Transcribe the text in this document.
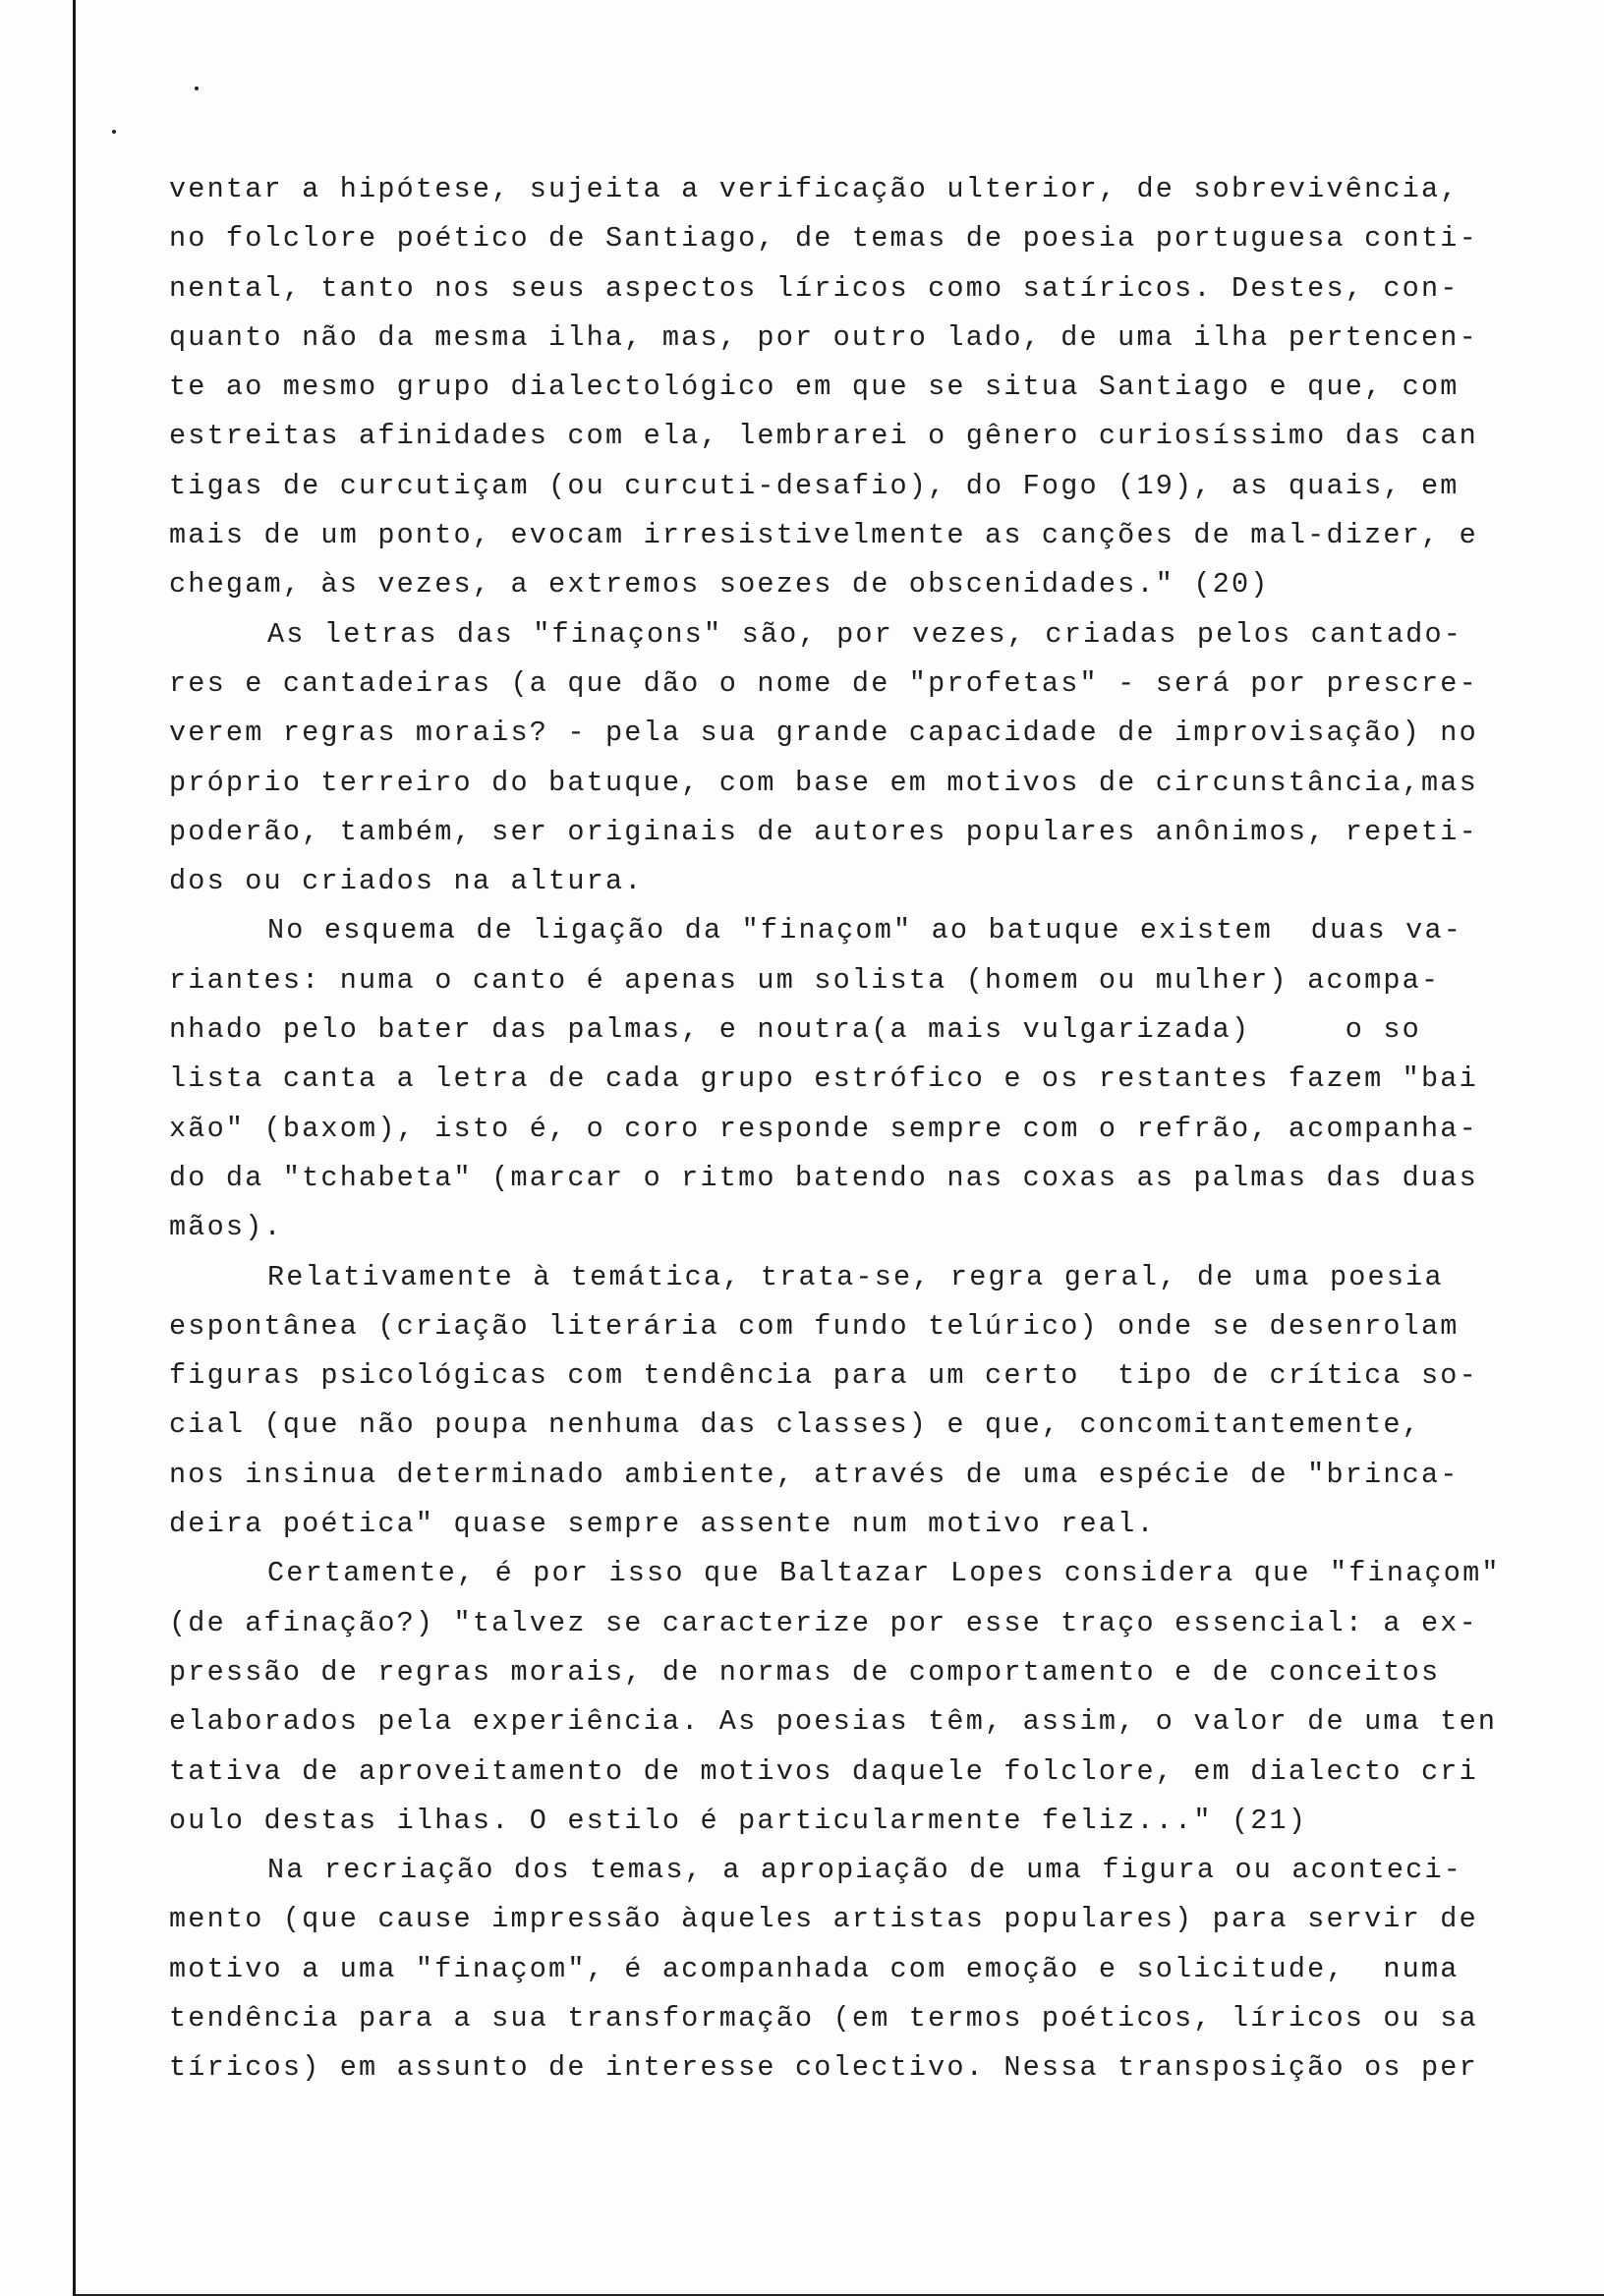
ventar a hipótese, sujeita a verificação ulterior, de sobrevivência,
no folclore poético de Santiago, de temas de poesia portuguesa conti-
nental, tanto nos seus aspectos líricos como satíricos. Destes, con-
quanto não da mesma ilha, mas, por outro lado, de uma ilha pertencen-
te ao mesmo grupo dialectológico em que se situa Santiago e que, com
estreitas afinidades com ela, lembrarei o gênero curiosíssimo das can
tigas de curcutiçam (ou curcuti-desafio), do Fogo (19), as quais, em
mais de um ponto, evocam irresistivelmente as canções de mal-dizer, e
chegam, às vezes, a extremos soezes de obscenidades." (20)
As letras das "finaçons" são, por vezes, criadas pelos cantado-
res e cantadeiras (a que dão o nome de "profetas" - será por prescre-
verem regras morais? - pela sua grande capacidade de improvisação) no
próprio terreiro do batuque, com base em motivos de circunstância,mas
poderão, também, ser originais de autores populares anônimos, repeti-
dos ou criados na altura.
No esquema de ligação da "finaçom" ao batuque existem  duas va-
riantes: numa o canto é apenas um solista (homem ou mulher) acompa-
nhado pelo bater das palmas, e noutra(a mais vulgarizada)     o so
lista canta a letra de cada grupo estrófico e os restantes fazem "bai
xão" (baxom), isto é, o coro responde sempre com o refrão, acompanha-
do da "tchabeta" (marcar o ritmo batendo nas coxas as palmas das duas
mãos).
Relativamente à temática, trata-se, regra geral, de uma poesia
espontânea (criação literária com fundo telúrico) onde se desenrolam
figuras psicológicas com tendência para um certo  tipo de crítica so-
cial (que não poupa nenhuma das classes) e que, concomitantemente,
nos insinua determinado ambiente, através de uma espécie de "brinca-
deira poética" quase sempre assente num motivo real.
Certamente, é por isso que Baltazar Lopes considera que "finaçom"
(de afinação?) "talvez se caracterize por esse traço essencial: a ex-
pressão de regras morais, de normas de comportamento e de conceitos
elaborados pela experiência. As poesias têm, assim, o valor de uma ten
tativa de aproveitamento de motivos daquele folclore, em dialecto cri
oulo destas ilhas. O estilo é particularmente feliz..." (21)
Na recriação dos temas, a apropiação de uma figura ou aconteci-
mento (que cause impressão àqueles artistas populares) para servir de
motivo a uma "finaçom", é acompanhada com emoção e solicitude,  numa
tendência para a sua transformação (em termos poéticos, líricos ou sa
tíricos) em assunto de interesse colectivo. Nessa transposição os per
